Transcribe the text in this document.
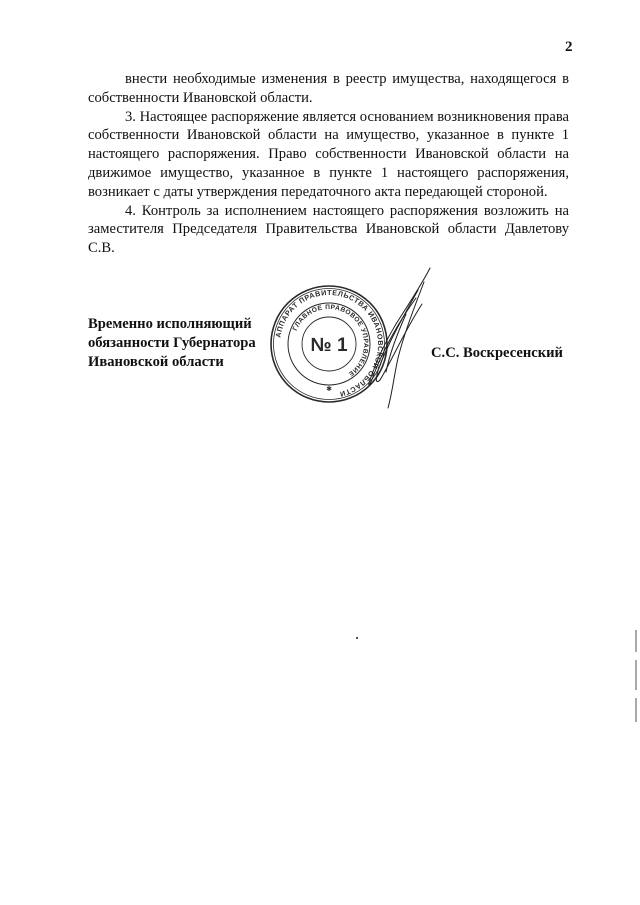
2

внести необходимые изменения в реестр имущества, находящегося в собственности Ивановской области.

3. Настоящее распоряжение является основанием возникновения права собственности Ивановской области на имущество, указанное в пункте 1 настоящего распоряжения. Право собственности Ивановской области на движимое имущество, указанное в пункте 1 настоящего распоряжения, возникает с даты утверждения передаточного акта передающей стороной.

4. Контроль за исполнением настоящего распоряжения возложить на заместителя Председателя Правительства Ивановской области Давлетову С.В.

Временно исполняющий
обязанности Губернатора
Ивановской области
С.С. Воскресенский
АППАРАТ ПРАВИТЕЛЬСТВА ИВАНОВСКОЙ ОБЛАСТИ
ГЛАВНОЕ ПРАВОВОЕ УПРАВЛЕНИЕ
№ 1
✱
